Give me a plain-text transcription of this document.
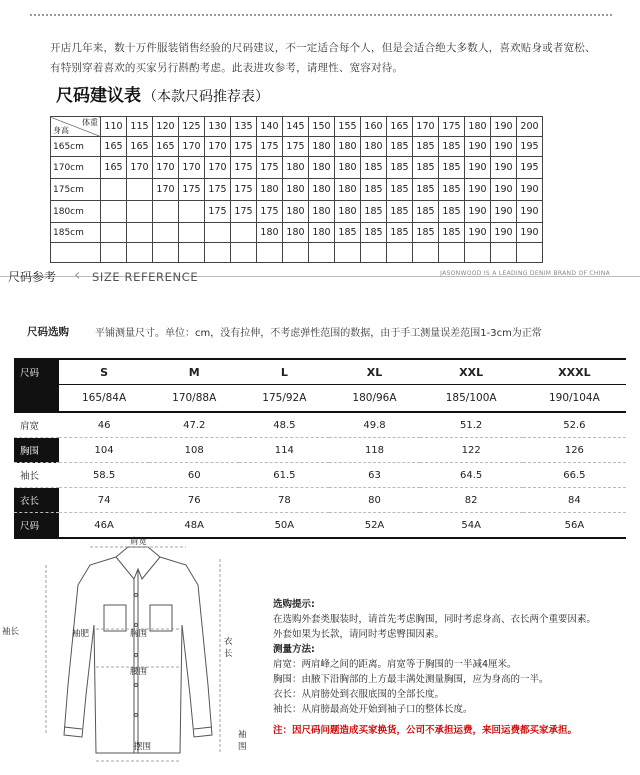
开店几年来，数十万件服装销售经验的尺码建议，不一定适合每个人，但是会适合绝大多数人，喜欢贴身或者宽松、
有特别穿着喜欢的买家另行斟酌考虑。此表进攻参考，请理性、宽容对待。
尺码建议表 （本款尺码推荐表）
体重
身高	110	115	120	125	130	135	140	145	150	155	160	165	170	175	180	190	200
165cm	165	165	165	170	170	175	175	175	180	180	180	185	185	185	190	190	195
170cm	165	170	170	170	170	175	175	180	180	180	185	185	185	185	190	190	195
175cm			170	175	175	175	180	180	180	180	185	185	185	185	190	190	190
180cm					175	175	175	180	180	180	185	185	185	185	190	190	190
185cm							180	180	180	185	185	185	185	185	190	190	190

尺码参考 ‹ SIZE REFERENCE	JASONWOOD IS A LEADING DENIM BRAND OF CHINA
尺码选购	平铺测量尺寸。单位：cm，没有拉伸，不考虑弹性范围的数据，由于手工测量误差范围1-3cm为正常
尺码	S	M	L	XL	XXL	XXXL
	165/84A	170/88A	175/92A	180/96A	185/100A	190/104A
肩宽	46	47.2	48.5	49.8	51.2	52.6
胸围	104	108	114	118	122	126
袖长	58.5	60	61.5	63	64.5	66.5
衣长	74	76	78	80	82	84
尺码	46A	48A	50A	52A	54A	56A
肩宽
袖长	袖肥	胸围
腰围
衣长
摆围
袖围
选购提示:
在选购外套类服装时，请首先考虑胸围，同时考虑身高、衣长两个重要因素。
外套如果为长款，请同时考虑臀围因素。
测量方法:
肩宽：两肩峰之间的距离。肩宽等于胸围的一半减4厘米。
胸围：由腋下沿胸部的上方最丰满处测量胸围，应为身高的一半。
衣长：从肩膀处到衣服底围的全部长度。
袖长：从肩膀最高处开始到袖子口的整体长度。
注：因尺码问题造成买家换货，公司不承担运费，来回运费都买家承担。
